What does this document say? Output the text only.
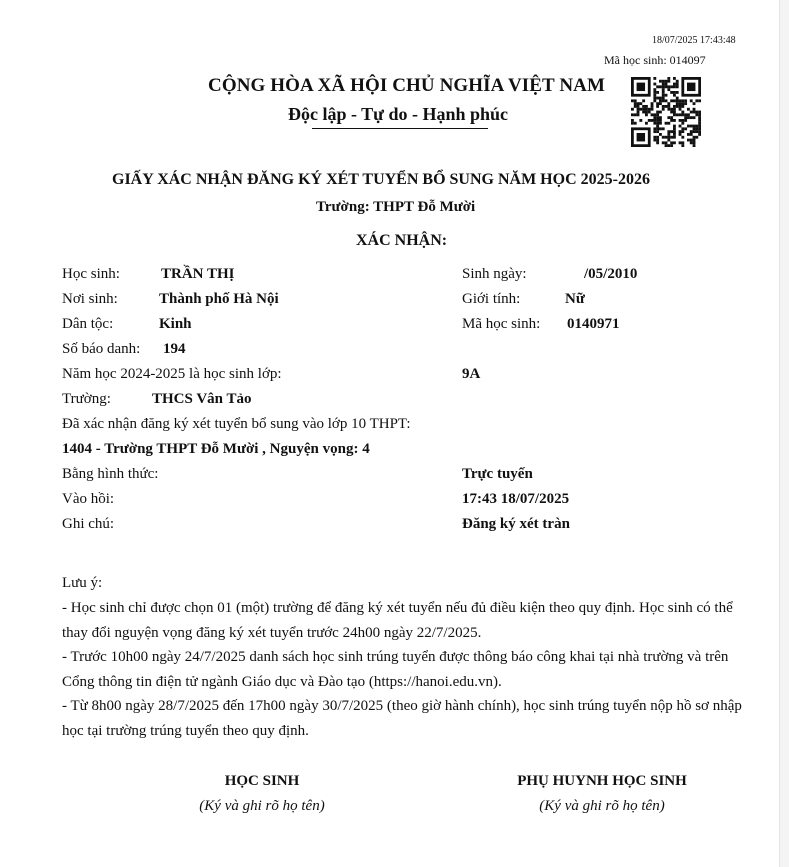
18/07/2025 17:43:48
Mã học sinh: 014097
CỘNG HÒA XÃ HỘI CHỦ NGHĨA VIỆT NAM
Độc lập - Tự do - Hạnh phúc
GIẤY XÁC NHẬN ĐĂNG KÝ XÉT TUYỂN BỔ SUNG NĂM HỌC 2025-2026
Trường: THPT Đỗ Mười
XÁC NHẬN:
Học sinh:	TRẦN THỊ	Sinh ngày:	/05/2010
Nơi sinh:	Thành phố Hà Nội	Giới tính:	Nữ
Dân tộc:	Kinh	Mã học sinh: 0140971
Số báo danh: 194
Năm học 2024-2025 là học sinh lớp:	9A
Trường:	THCS Vân Tảo
Đã xác nhận đăng ký xét tuyển bổ sung vào lớp 10 THPT:
1404 - Trường THPT Đỗ Mười , Nguyện vọng: 4
Bằng hình thức:	Trực tuyến
Vào hồi:	17:43 18/07/2025
Ghi chú:	Đăng ký xét tràn
Lưu ý:
- Học sinh chỉ được chọn 01 (một) trường để đăng ký xét tuyển nếu đủ điều kiện theo quy định. Học sinh có thể thay đổi nguyện vọng đăng ký xét tuyển trước 24h00 ngày 22/7/2025.
- Trước 10h00 ngày 24/7/2025 danh sách học sinh trúng tuyển được thông báo công khai tại nhà trường và trên Cổng thông tin điện tử ngành Giáo dục và Đào tạo (https://hanoi.edu.vn).
- Từ 8h00 ngày 28/7/2025 đến 17h00 ngày 30/7/2025 (theo giờ hành chính), học sinh trúng tuyển nộp hồ sơ nhập học tại trường trúng tuyển theo quy định.
HỌC SINH
(Ký và ghi rõ họ tên)
PHỤ HUYNH HỌC SINH
(Ký và ghi rõ họ tên)
